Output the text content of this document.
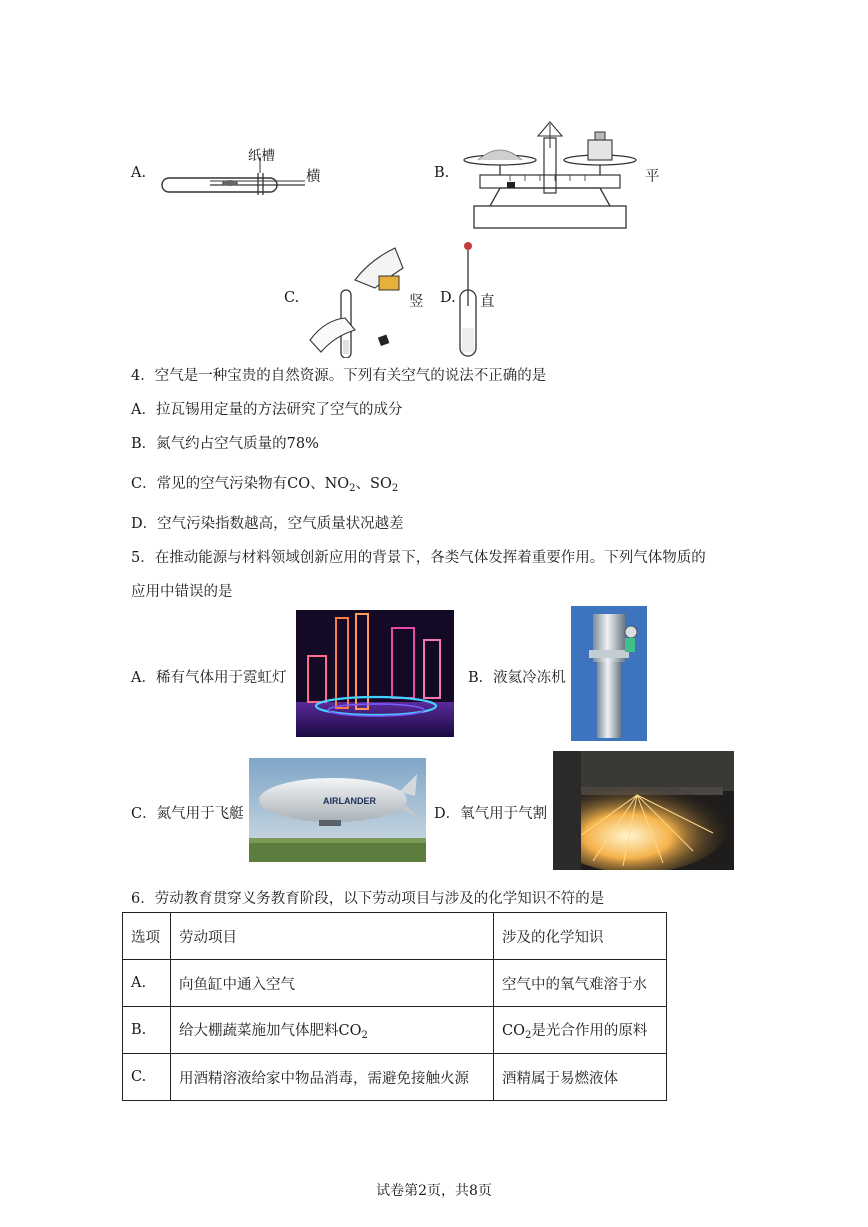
A.
纸槽
横	B.	平
C.	竖 D. 直
4．空气是一种宝贵的自然资源。下列有关空气的说法不正确的是
A．拉瓦锡用定量的方法研究了空气的成分
B．氮气约占空气质量的78%
C．常见的空气污染物有CO、$NO_2$、$SO_2$
D．空气污染指数越高，空气质量状况越差
5．在推动能源与材料领域创新应用的背景下，各类气体发挥着重要作用。下列气体物质的
应用中错误的是
A．稀有气体用于霓虹灯	B．液氦冷冻机
C．氮气用于飞艇
AIRLANDER
D．氧气用于气割
6．劳动教育贯穿义务教育阶段，以下劳动项目与涉及的化学知识不符的是
选项	劳动项目	涉及的化学知识
A.	向鱼缸中通入空气	空气中的氧气难溶于水
B.	给大棚蔬菜施加气体肥料$CO_2$	$CO_2$是光合作用的原料
C.	用酒精溶液给家中物品消毒，需避免接触火源	酒精属于易燃液体
试卷第2页，共8页
